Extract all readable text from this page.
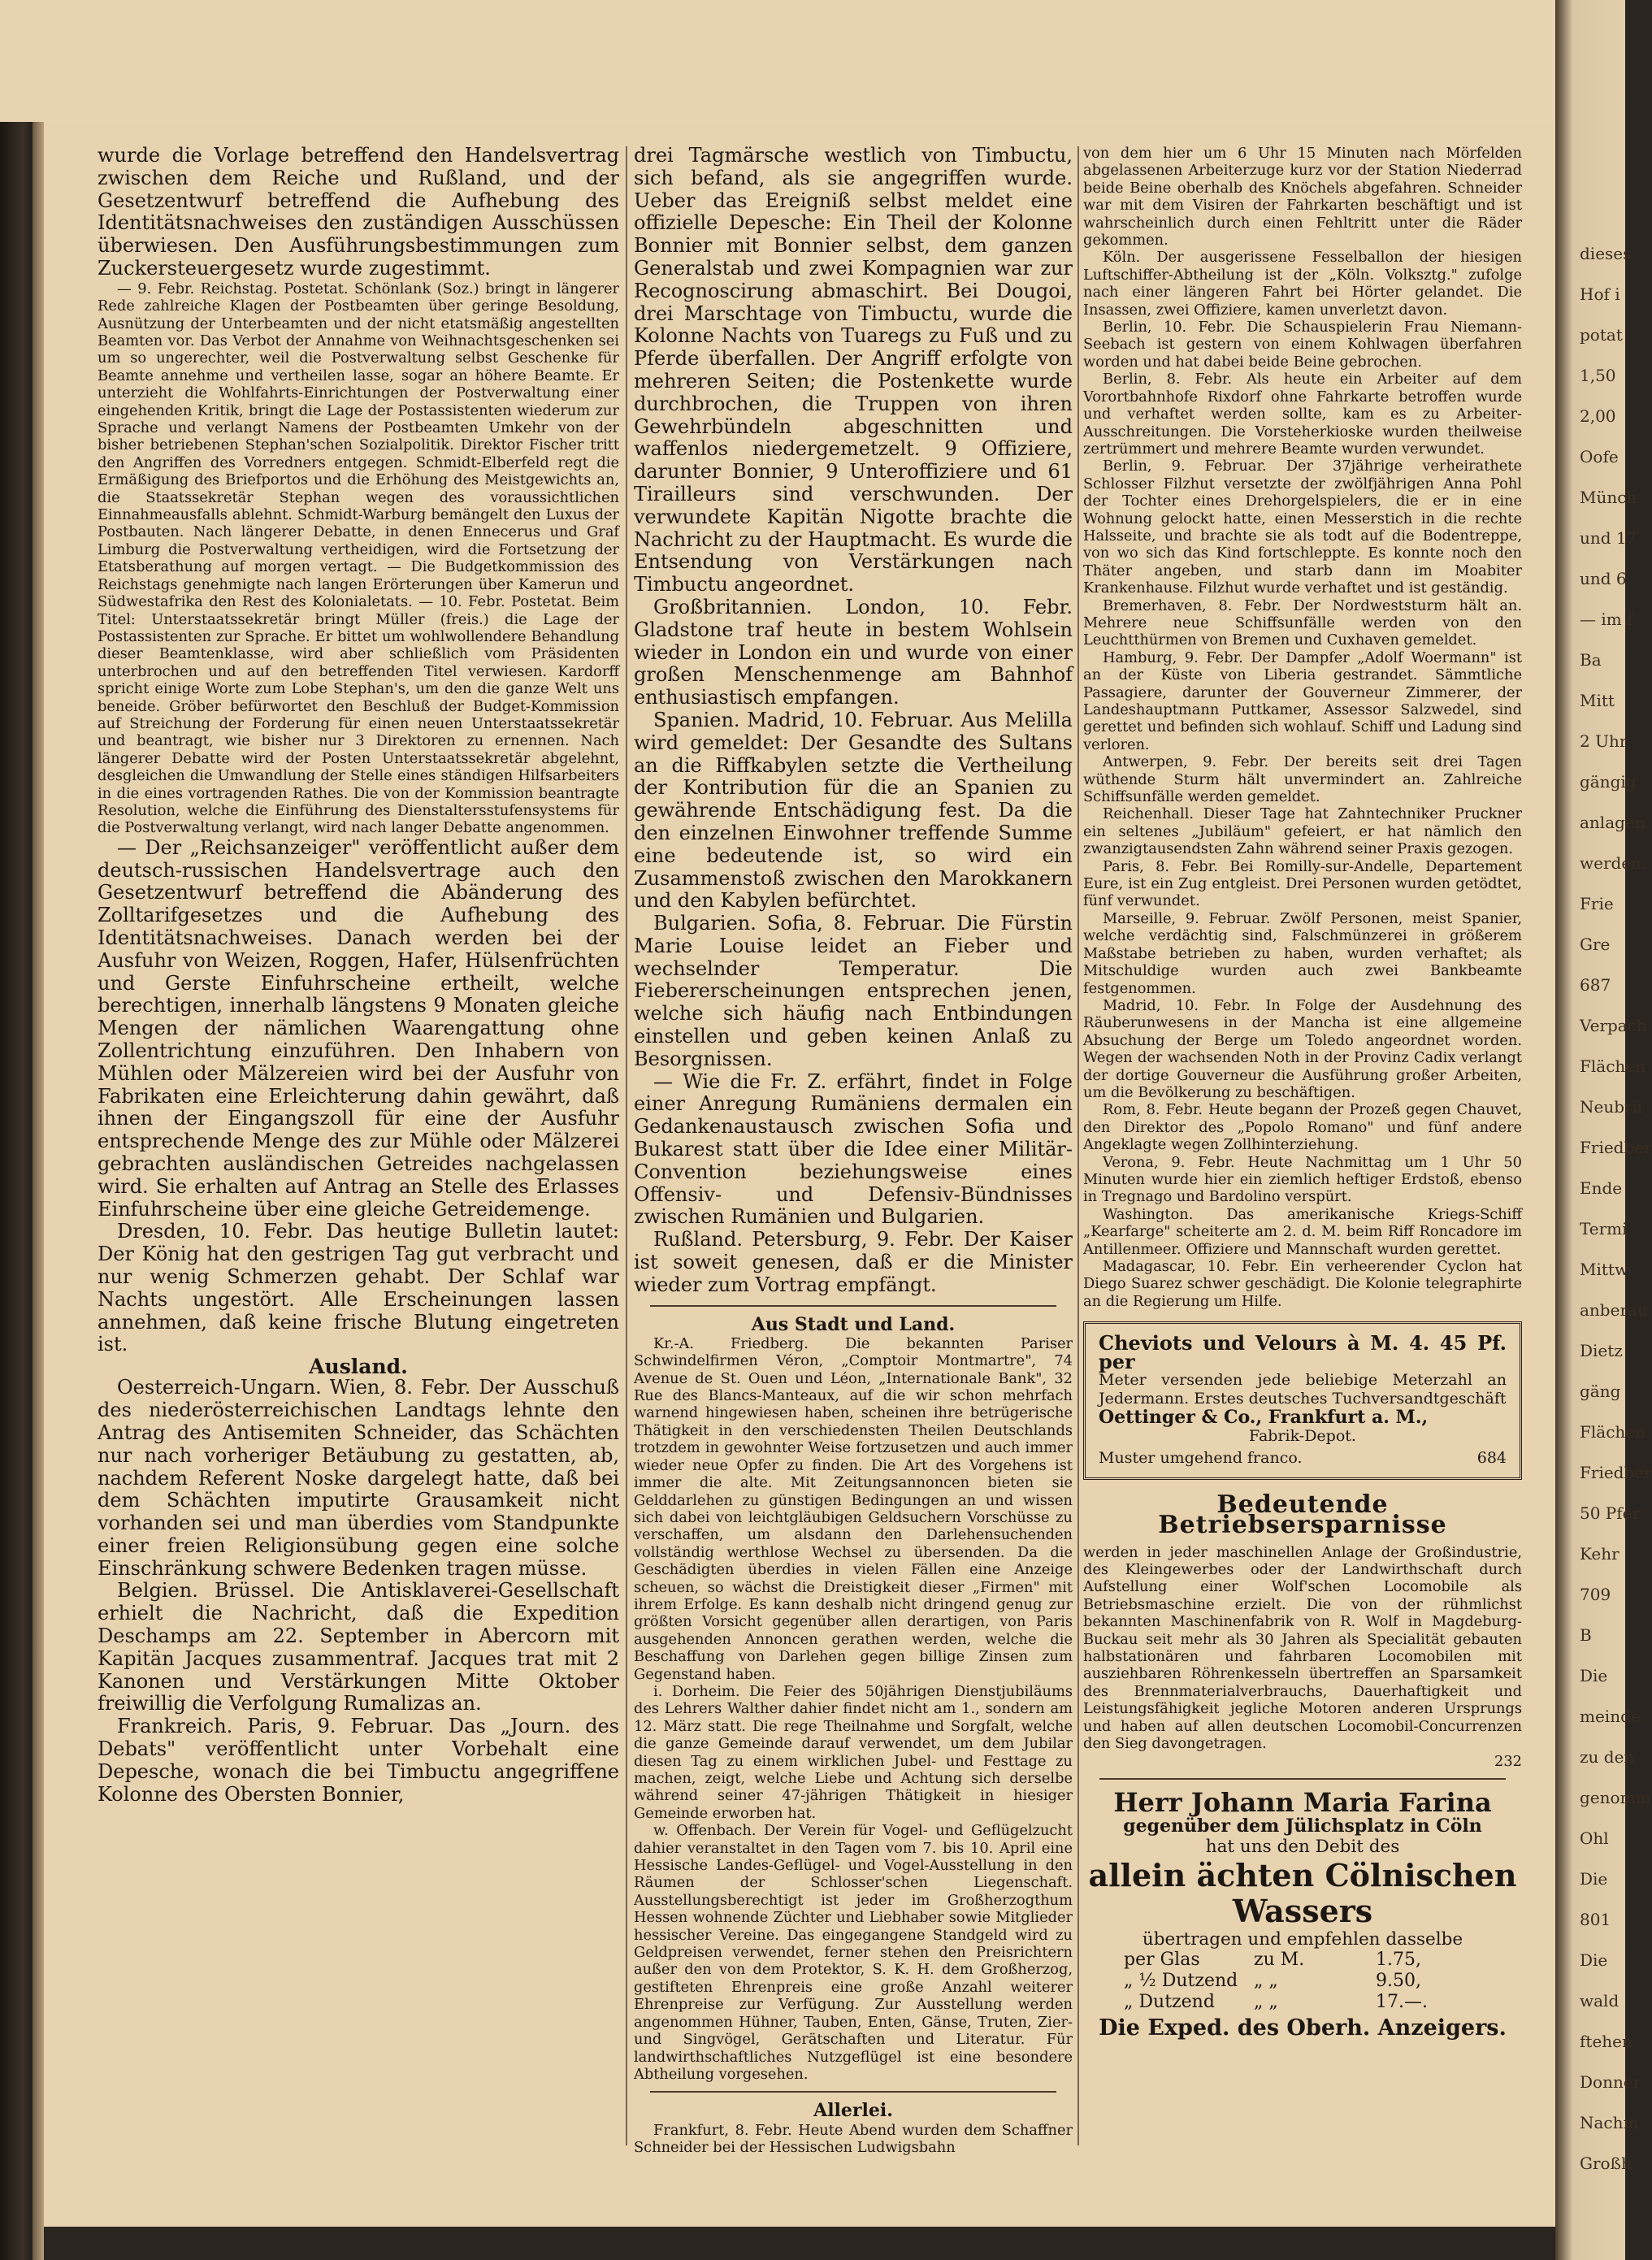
dieses
Hof i
potat
1,50
2,00
Oofe
Münch
und 17
und 6
— im f
Ba
Mitt
2 Uhr
gängig
anlagen
werden.
Frie
Gre
687
Verpach
Flächen
Neubrü
Friedber
Ende
Termi
Mittw
anberau
Dietz
gäng
Flächen
Friedber
50 Pfer
Kehr
709
B
Die
meinde
zu den
genomm
Ohl
Die
801
Die
wald
ftehen
Donner
Nachm
Großh

wurde die Vorlage betreffend den Handelsvertrag zwischen dem Reiche und Rußland, und der Gesetzentwurf betreffend die Aufhebung des Identitätsnachweises den zuständigen Ausschüssen überwiesen. Den Ausführungsbestimmungen zum Zuckersteuergesetz wurde zugestimmt.

— 9. Febr. Reichstag. Postetat. Schönlank (Soz.) bringt in längerer Rede zahlreiche Klagen der Postbeamten über geringe Besoldung, Ausnützung der Unterbeamten und der nicht etatsmäßig angestellten Beamten vor. Das Verbot der Annahme von Weihnachtsgeschenken sei um so ungerechter, weil die Postverwaltung selbst Geschenke für Beamte annehme und vertheilen lasse, sogar an höhere Beamte. Er unterzieht die Wohlfahrts-Einrichtungen der Postverwaltung einer eingehenden Kritik, bringt die Lage der Postassistenten wiederum zur Sprache und verlangt Namens der Postbeamten Umkehr von der bisher betriebenen Stephan'schen Sozialpolitik. Direktor Fischer tritt den Angriffen des Vorredners entgegen. Schmidt-Elberfeld regt die Ermäßigung des Briefportos und die Erhöhung des Meistgewichts an, die Staatssekretär Stephan wegen des voraussichtlichen Einnahmeausfalls ablehnt. Schmidt-Warburg bemängelt den Luxus der Postbauten. Nach längerer Debatte, in denen Ennecerus und Graf Limburg die Postverwaltung vertheidigen, wird die Fortsetzung der Etatsberathung auf morgen vertagt. — Die Budgetkommission des Reichstags genehmigte nach langen Erörterungen über Kamerun und Südwestafrika den Rest des Kolonialetats. — 10. Febr. Postetat. Beim Titel: Unterstaatssekretär bringt Müller (freis.) die Lage der Postassistenten zur Sprache. Er bittet um wohlwollendere Behandlung dieser Beamtenklasse, wird aber schließlich vom Präsidenten unterbrochen und auf den betreffenden Titel verwiesen. Kardorff spricht einige Worte zum Lobe Stephan's, um den die ganze Welt uns beneide. Gröber befürwortet den Beschluß der Budget-Kommission auf Streichung der Forderung für einen neuen Unterstaatssekretär und beantragt, wie bisher nur 3 Direktoren zu ernennen. Nach längerer Debatte wird der Posten Unterstaatssekretär abgelehnt, desgleichen die Umwandlung der Stelle eines ständigen Hilfsarbeiters in die eines vortragenden Rathes. Die von der Kommission beantragte Resolution, welche die Einführung des Dienstaltersstufensystems für die Postverwaltung verlangt, wird nach langer Debatte angenommen.

— Der „Reichsanzeiger" veröffentlicht außer dem deutsch-russischen Handelsvertrage auch den Gesetzentwurf betreffend die Abänderung des Zolltarifgesetzes und die Aufhebung des Identitätsnachweises. Danach werden bei der Ausfuhr von Weizen, Roggen, Hafer, Hülsenfrüchten und Gerste Einfuhrscheine ertheilt, welche berechtigen, innerhalb längstens 9 Monaten gleiche Mengen der nämlichen Waarengattung ohne Zollentrichtung einzuführen. Den Inhabern von Mühlen oder Mälzereien wird bei der Ausfuhr von Fabrikaten eine Erleichterung dahin gewährt, daß ihnen der Eingangszoll für eine der Ausfuhr entsprechende Menge des zur Mühle oder Mälzerei gebrachten ausländischen Getreides nachgelassen wird. Sie erhalten auf Antrag an Stelle des Erlasses Einfuhrscheine über eine gleiche Getreidemenge.

Dresden, 10. Febr. Das heutige Bulletin lautet: Der König hat den gestrigen Tag gut verbracht und nur wenig Schmerzen gehabt. Der Schlaf war Nachts ungestört. Alle Erscheinungen lassen annehmen, daß keine frische Blutung eingetreten ist.

Ausland.

Oesterreich-Ungarn. Wien, 8. Febr. Der Ausschuß des niederösterreichischen Landtags lehnte den Antrag des Antisemiten Schneider, das Schächten nur nach vorheriger Betäubung zu gestatten, ab, nachdem Referent Noske dargelegt hatte, daß bei dem Schächten imputirte Grausamkeit nicht vorhanden sei und man überdies vom Standpunkte einer freien Religionsübung gegen eine solche Einschränkung schwere Bedenken tragen müsse.

Belgien. Brüssel. Die Antisklaverei-Gesellschaft erhielt die Nachricht, daß die Expedition Deschamps am 22. September in Abercorn mit Kapitän Jacques zusammentraf. Jacques trat mit 2 Kanonen und Verstärkungen Mitte Oktober freiwillig die Verfolgung Rumalizas an.

Frankreich. Paris, 9. Februar. Das „Journ. des Debats" veröffentlicht unter Vorbehalt eine Depesche, wonach die bei Timbuctu angegriffene Kolonne des Obersten Bonnier,

drei Tagmärsche westlich von Timbuctu, sich befand, als sie angegriffen wurde. Ueber das Ereigniß selbst meldet eine offizielle Depesche: Ein Theil der Kolonne Bonnier mit Bonnier selbst, dem ganzen Generalstab und zwei Kompagnien war zur Recognoscirung abmaschirt. Bei Dougoi, drei Marschtage von Timbuctu, wurde die Kolonne Nachts von Tuaregs zu Fuß und zu Pferde überfallen. Der Angriff erfolgte von mehreren Seiten; die Postenkette wurde durchbrochen, die Truppen von ihren Gewehrbündeln abgeschnitten und waffenlos niedergemetzelt. 9 Offiziere, darunter Bonnier, 9 Unteroffiziere und 61 Tirailleurs sind verschwunden. Der verwundete Kapitän Nigotte brachte die Nachricht zu der Hauptmacht. Es wurde die Entsendung von Verstärkungen nach Timbuctu angeordnet.

Großbritannien. London, 10. Febr. Gladstone traf heute in bestem Wohlsein wieder in London ein und wurde von einer großen Menschenmenge am Bahnhof enthusiastisch empfangen.

Spanien. Madrid, 10. Februar. Aus Melilla wird gemeldet: Der Gesandte des Sultans an die Riffkabylen setzte die Vertheilung der Kontribution für die an Spanien zu gewährende Entschädigung fest. Da die den einzelnen Einwohner treffende Summe eine bedeutende ist, so wird ein Zusammenstoß zwischen den Marokkanern und den Kabylen befürchtet.

Bulgarien. Sofia, 8. Februar. Die Fürstin Marie Louise leidet an Fieber und wechselnder Temperatur. Die Fiebererscheinungen entsprechen jenen, welche sich häufig nach Entbindungen einstellen und geben keinen Anlaß zu Besorgnissen.

— Wie die Fr. Z. erfährt, findet in Folge einer Anregung Rumäniens dermalen ein Gedankenaustausch zwischen Sofia und Bukarest statt über die Idee einer Militär-Convention beziehungsweise eines Offensiv- und Defensiv-Bündnisses zwischen Rumänien und Bulgarien.

Rußland. Petersburg, 9. Febr. Der Kaiser ist soweit genesen, daß er die Minister wieder zum Vortrag empfängt.

Aus Stadt und Land.

Kr.-A. Friedberg. Die bekannten Pariser Schwindelfirmen Véron, „Comptoir Montmartre", 74 Avenue de St. Ouen und Léon, „Internationale Bank", 32 Rue des Blancs-Manteaux, auf die wir schon mehrfach warnend hingewiesen haben, scheinen ihre betrügerische Thätigkeit in den verschiedensten Theilen Deutschlands trotzdem in gewohnter Weise fortzusetzen und auch immer wieder neue Opfer zu finden. Die Art des Vorgehens ist immer die alte. Mit Zeitungsannoncen bieten sie Gelddarlehen zu günstigen Bedingungen an und wissen sich dabei von leichtgläubigen Geldsuchern Vorschüsse zu verschaffen, um alsdann den Darlehensuchenden vollständig werthlose Wechsel zu übersenden. Da die Geschädigten überdies in vielen Fällen eine Anzeige scheuen, so wächst die Dreistigkeit dieser „Firmen" mit ihrem Erfolge. Es kann deshalb nicht dringend genug zur größten Vorsicht gegenüber allen derartigen, von Paris ausgehenden Annoncen gerathen werden, welche die Beschaffung von Darlehen gegen billige Zinsen zum Gegenstand haben.

i. Dorheim. Die Feier des 50jährigen Dienstjubiläums des Lehrers Walther dahier findet nicht am 1., sondern am 12. März statt. Die rege Theilnahme und Sorgfalt, welche die ganze Gemeinde darauf verwendet, um dem Jubilar diesen Tag zu einem wirklichen Jubel- und Festtage zu machen, zeigt, welche Liebe und Achtung sich derselbe während seiner 47-jährigen Thätigkeit in hiesiger Gemeinde erworben hat.

w. Offenbach. Der Verein für Vogel- und Geflügelzucht dahier veranstaltet in den Tagen vom 7. bis 10. April eine Hessische Landes-Geflügel- und Vogel-Ausstellung in den Räumen der Schlosser'schen Liegenschaft. Ausstellungsberechtigt ist jeder im Großherzogthum Hessen wohnende Züchter und Liebhaber sowie Mitglieder hessischer Vereine. Das eingegangene Standgeld wird zu Geldpreisen verwendet, ferner stehen den Preisrichtern außer den von dem Protektor, S. K. H. dem Großherzog, gestifteten Ehrenpreis eine große Anzahl weiterer Ehrenpreise zur Verfügung. Zur Ausstellung werden angenommen Hühner, Tauben, Enten, Gänse, Truten, Zier- und Singvögel, Gerätschaften und Literatur. Für landwirthschaftliches Nutzgeflügel ist eine besondere Abtheilung vorgesehen.

Allerlei.

Frankfurt, 8. Febr. Heute Abend wurden dem Schaffner Schneider bei der Hessischen Ludwigsbahn

von dem hier um 6 Uhr 15 Minuten nach Mörfelden abgelassenen Arbeiterzuge kurz vor der Station Niederrad beide Beine oberhalb des Knöchels abgefahren. Schneider war mit dem Visiren der Fahrkarten beschäftigt und ist wahrscheinlich durch einen Fehltritt unter die Räder gekommen.

Köln. Der ausgerissene Fesselballon der hiesigen Luftschiffer-Abtheilung ist der „Köln. Volksztg." zufolge nach einer längeren Fahrt bei Hörter gelandet. Die Insassen, zwei Offiziere, kamen unverletzt davon.

Berlin, 10. Febr. Die Schauspielerin Frau Niemann-Seebach ist gestern von einem Kohlwagen überfahren worden und hat dabei beide Beine gebrochen.

Berlin, 8. Febr. Als heute ein Arbeiter auf dem Vorortbahnhofe Rixdorf ohne Fahrkarte betroffen wurde und verhaftet werden sollte, kam es zu Arbeiter-Ausschreitungen. Die Vorsteherkioske wurden theilweise zertrümmert und mehrere Beamte wurden verwundet.

Berlin, 9. Februar. Der 37jährige verheirathete Schlosser Filzhut versetzte der zwölfjährigen Anna Pohl der Tochter eines Drehorgelspielers, die er in eine Wohnung gelockt hatte, einen Messerstich in die rechte Halsseite, und brachte sie als todt auf die Bodentreppe, von wo sich das Kind fortschleppte. Es konnte noch den Thäter angeben, und starb dann im Moabiter Krankenhause. Filzhut wurde verhaftet und ist geständig.

Bremerhaven, 8. Febr. Der Nordweststurm hält an. Mehrere neue Schiffsunfälle werden von den Leuchtthürmen von Bremen und Cuxhaven gemeldet.

Hamburg, 9. Febr. Der Dampfer „Adolf Woermann" ist an der Küste von Liberia gestrandet. Sämmtliche Passagiere, darunter der Gouverneur Zimmerer, der Landeshauptmann Puttkamer, Assessor Salzwedel, sind gerettet und befinden sich wohlauf. Schiff und Ladung sind verloren.

Antwerpen, 9. Febr. Der bereits seit drei Tagen wüthende Sturm hält unvermindert an. Zahlreiche Schiffsunfälle werden gemeldet.

Reichenhall. Dieser Tage hat Zahntechniker Pruckner ein seltenes „Jubiläum" gefeiert, er hat nämlich den zwanzigtausendsten Zahn während seiner Praxis gezogen.

Paris, 8. Febr. Bei Romilly-sur-Andelle, Departement Eure, ist ein Zug entgleist. Drei Personen wurden getödtet, fünf verwundet.

Marseille, 9. Februar. Zwölf Personen, meist Spanier, welche verdächtig sind, Falschmünzerei in größerem Maßstabe betrieben zu haben, wurden verhaftet; als Mitschuldige wurden auch zwei Bankbeamte festgenommen.

Madrid, 10. Febr. In Folge der Ausdehnung des Räuberunwesens in der Mancha ist eine allgemeine Absuchung der Berge um Toledo angeordnet worden. Wegen der wachsenden Noth in der Provinz Cadix verlangt der dortige Gouverneur die Ausführung großer Arbeiten, um die Bevölkerung zu beschäftigen.

Rom, 8. Febr. Heute begann der Prozeß gegen Chauvet, den Direktor des „Popolo Romano" und fünf andere Angeklagte wegen Zollhinterziehung.

Verona, 9. Febr. Heute Nachmittag um 1 Uhr 50 Minuten wurde hier ein ziemlich heftiger Erdstoß, ebenso in Tregnago und Bardolino verspürt.

Washington. Das amerikanische Kriegs-Schiff „Kearfarge" scheiterte am 2. d. M. beim Riff Roncadore im Antillenmeer. Offiziere und Mannschaft wurden gerettet.

Madagascar, 10. Febr. Ein verheerender Cyclon hat Diego Suarez schwer geschädigt. Die Kolonie telegraphirte an die Regierung um Hilfe.

Cheviots und Velours à M. 4. 45 Pf. per
Meter versenden jede beliebige Meterzahl an Jedermann. Erstes deutsches Tuchversandtgeschäft
Oettinger & Co., Frankfurt a. M.,
Fabrik-Depot.
Muster umgehend franco.	684
Bedeutende Betriebsersparnisse

werden in jeder maschinellen Anlage der Großindustrie, des Kleingewerbes oder der Landwirthschaft durch Aufstellung einer Wolf'schen Locomobile als Betriebsmaschine erzielt. Die von der rühmlichst bekannten Maschinenfabrik von R. Wolf in Magdeburg-Buckau seit mehr als 30 Jahren als Specialität gebauten halbstationären und fahrbaren Locomobilen mit ausziehbaren Röhrenkesseln übertreffen an Sparsamkeit des Brennmaterialverbrauchs, Dauerhaftigkeit und Leistungsfähigkeit jegliche Motoren anderen Ursprungs und haben auf allen deutschen Locomobil-Concurrenzen den Sieg davongetragen.

232

Herr Johann Maria Farina

gegenüber dem Jülichsplatz in Cöln

hat uns den Debit des

allein ächten Cölnischen Wassers

übertragen und empfehlen dasselbe

per Glas	zu M.	1.75,
„ ½ Dutzend „ „	9.50,
„ Dutzend	„ „	17.—.
Die Exped. des Oberh. Anzeigers.
